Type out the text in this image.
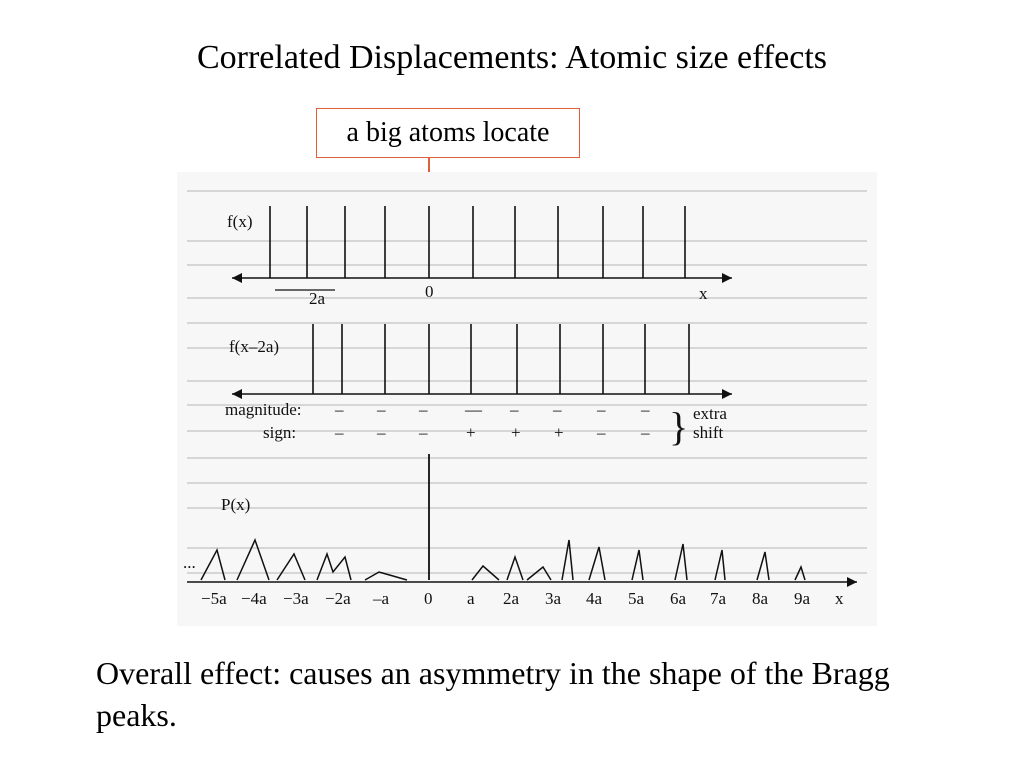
Correlated Displacements: Atomic size effects
a big atoms locate
f(x)
0	x
2a
f(x–2a)
magnitude:
sign:
– – – — – – – –
– – – + + + – – } extra
shift
P(x)
...
−5a −4a −3a −2a –a 0 a 2a 3a 4a 5a 6a 7a 8a 9a x
Overall effect: causes an asymmetry in the shape of the Bragg peaks.
